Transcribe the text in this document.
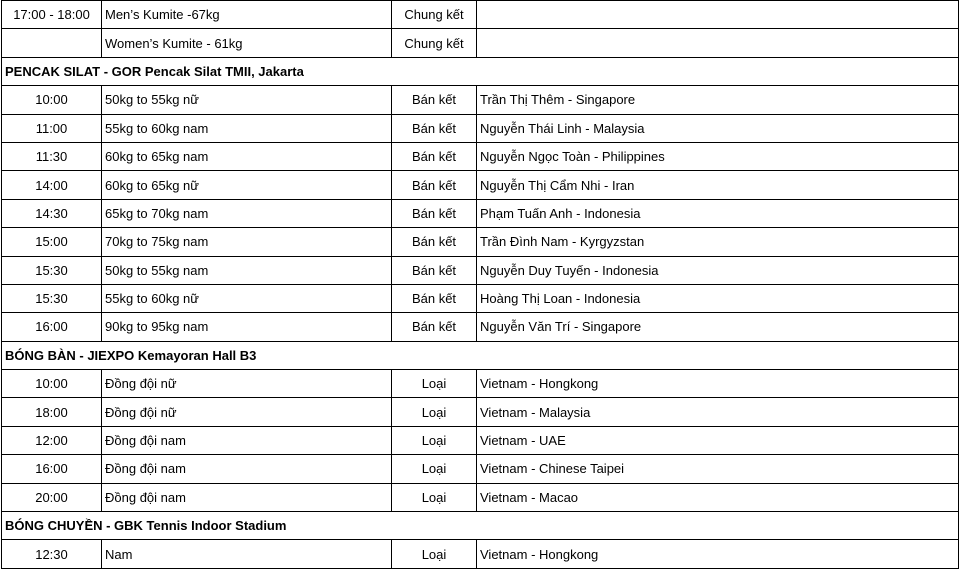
17:00 - 18:00	Men’s Kumite -67kg	Chung kết	
	Women’s Kumite - 61kg	Chung kết	
PENCAK SILAT - GOR Pencak Silat TMII, Jakarta			
10:00	50kg to 55kg nữ	Bán kết	Trần Thị Thêm - Singapore
11:00	55kg to 60kg nam	Bán kết	Nguyễn Thái Linh - Malaysia
11:30	60kg to 65kg nam	Bán kết	Nguyễn Ngọc Toàn - Philippines
14:00	60kg to 65kg nữ	Bán kết	Nguyễn Thị Cẩm Nhi - Iran
14:30	65kg to 70kg nam	Bán kết	Phạm Tuấn Anh - Indonesia
15:00	70kg to 75kg nam	Bán kết	Trần Đình Nam - Kyrgyzstan
15:30	50kg to 55kg nam	Bán kết	Nguyễn Duy Tuyến - Indonesia
15:30	55kg to 60kg nữ	Bán kết	Hoàng Thị Loan - Indonesia
16:00	90kg to 95kg nam	Bán kết	Nguyễn Văn Trí - Singapore
BÓNG BÀN - JIEXPO Kemayoran Hall B3			
10:00	Đồng đội nữ	Loại	Vietnam - Hongkong
18:00	Đồng đội nữ	Loại	Vietnam - Malaysia
12:00	Đồng đội nam	Loại	Vietnam - UAE
16:00	Đồng đội nam	Loại	Vietnam - Chinese Taipei
20:00	Đồng đội nam	Loại	Vietnam - Macao
BÓNG CHUYỀN - GBK Tennis Indoor Stadium			
12:30	Nam	Loại	Vietnam - Hongkong
